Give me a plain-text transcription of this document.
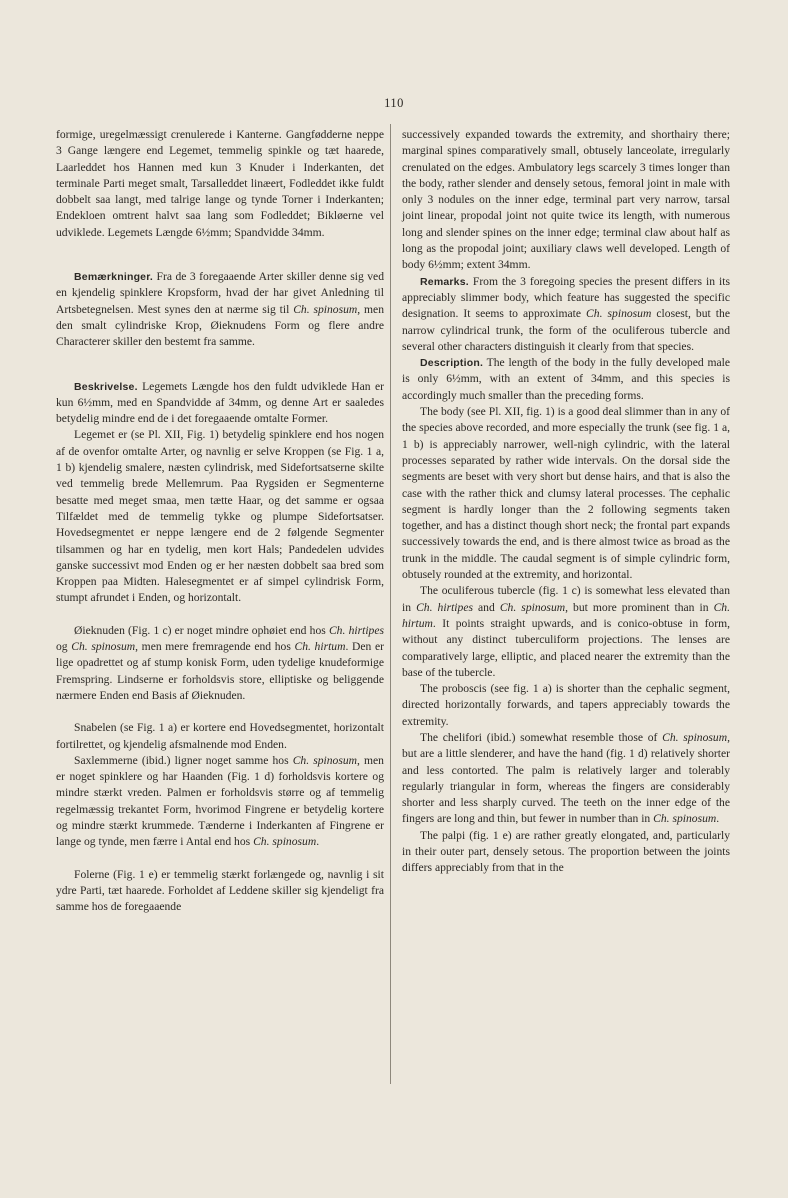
110

formige, uregelmæssigt crenulerede i Kanterne. Gangfødderne neppe 3 Gange længere end Legemet, temmelig spinkle og tæt haarede, Laarleddet hos Hannen med kun 3 Knuder i Inderkanten, det terminale Parti meget smalt, Tarsalleddet linæert, Fodleddet ikke fuldt dobbelt saa langt, med talrige lange og tynde Torner i Inderkanten; Endekloen omtrent halvt saa lang som Fodleddet; Bikløerne vel udviklede. Legemets Længde 6½mm; Spandvidde 34mm.

Bemærkninger. Fra de 3 foregaaende Arter skiller denne sig ved en kjendelig spinklere Kropsform, hvad der har givet Anledning til Artsbetegnelsen. Mest synes den at nærme sig til Ch. spinosum, men den smalt cylindriske Krop, Øieknudens Form og flere andre Characterer skiller den bestemt fra samme.

Beskrivelse. Legemets Længde hos den fuldt udviklede Han er kun 6½mm, med en Spandvidde af 34mm, og denne Art er saaledes betydelig mindre end de i det foregaaende omtalte Former.

Legemet er (se Pl. XII, Fig. 1) betydelig spinklere end hos nogen af de ovenfor omtalte Arter, og navnlig er selve Kroppen (se Fig. 1 a, 1 b) kjendelig smalere, næsten cylindrisk, med Sidefortsatserne skilte ved temmelig brede Mellemrum. Paa Rygsiden er Segmenterne besatte med meget smaa, men tætte Haar, og det samme er ogsaa Tilfældet med de temmelig tykke og plumpe Sidefortsatser. Hovedsegmentet er neppe længere end de 2 følgende Segmenter tilsammen og har en tydelig, men kort Hals; Pandedelen udvides ganske successivt mod Enden og er her næsten dobbelt saa bred som Kroppen paa Midten. Halesegmentet er af simpel cylindrisk Form, stumpt afrundet i Enden, og horizontalt.

Øieknuden (Fig. 1 c) er noget mindre ophøiet end hos Ch. hirtipes og Ch. spinosum, men mere fremragende end hos Ch. hirtum. Den er lige opadrettet og af stump konisk Form, uden tydelige knudeformige Fremspring. Lindserne er forholdsvis store, elliptiske og beliggende nærmere Enden end Basis af Øieknuden.

Snabelen (se Fig. 1 a) er kortere end Hovedsegmentet, horizontalt fortilrettet, og kjendelig afsmalnende mod Enden.

Saxlemmerne (ibid.) ligner noget samme hos Ch. spinosum, men er noget spinklere og har Haanden (Fig. 1 d) forholdsvis kortere og mindre stærkt vreden. Palmen er forholdsvis større og af temmelig regelmæssig trekantet Form, hvorimod Fingrene er betydelig kortere og mindre stærkt krummede. Tænderne i Inderkanten af Fingrene er lange og tynde, men færre i Antal end hos Ch. spinosum.

Folerne (Fig. 1 e) er temmelig stærkt forlængede og, navnlig i sit ydre Parti, tæt haarede. Forholdet af Leddene skiller sig kjendeligt fra samme hos de foregaaende

successively expanded towards the extremity, and shorthairy there; marginal spines comparatively small, obtusely lanceolate, irregularly crenulated on the edges. Ambulatory legs scarcely 3 times longer than the body, rather slender and densely setous, femoral joint in male with only 3 nodules on the inner edge, terminal part very narrow, tarsal joint linear, propodal joint not quite twice its length, with numerous long and slender spines on the inner edge; terminal claw about half as long as the propodal joint; auxiliary claws well developed. Length of body 6½mm; extent 34mm.

Remarks. From the 3 foregoing species the present differs in its appreciably slimmer body, which feature has suggested the specific designation. It seems to approximate Ch. spinosum closest, but the narrow cylindrical trunk, the form of the oculiferous tubercle and several other characters distinguish it clearly from that species.

Description. The length of the body in the fully developed male is only 6½mm, with an extent of 34mm, and this species is accordingly much smaller than the preceding forms.

The body (see Pl. XII, fig. 1) is a good deal slimmer than in any of the species above recorded, and more especially the trunk (see fig. 1 a, 1 b) is appreciably narrower, well-nigh cylindric, with the lateral processes separated by rather wide intervals. On the dorsal side the segments are beset with very short but dense hairs, and that is also the case with the rather thick and clumsy lateral processes. The cephalic segment is hardly longer than the 2 following segments taken together, and has a distinct though short neck; the frontal part expands successively towards the end, and is there almost twice as broad as the trunk in the middle. The caudal segment is of simple cylindric form, obtusely rounded at the extremity, and horizontal.

The oculiferous tubercle (fig. 1 c) is somewhat less elevated than in Ch. hirtipes and Ch. spinosum, but more prominent than in Ch. hirtum. It points straight upwards, and is conico-obtuse in form, without any distinct tuberculiform projections. The lenses are comparatively large, elliptic, and placed nearer the extremity than the base of the tubercle.

The proboscis (see fig. 1 a) is shorter than the cephalic segment, directed horizontally forwards, and tapers appreciably towards the extremity.

The chelifori (ibid.) somewhat resemble those of Ch. spinosum, but are a little slenderer, and have the hand (fig. 1 d) relatively shorter and less contorted. The palm is relatively larger and tolerably regularly triangular in form, whereas the fingers are considerably shorter and less sharply curved. The teeth on the inner edge of the fingers are long and thin, but fewer in number than in Ch. spinosum.

The palpi (fig. 1 e) are rather greatly elongated, and, particularly in their outer part, densely setous. The proportion between the joints differs appreciably from that in the
